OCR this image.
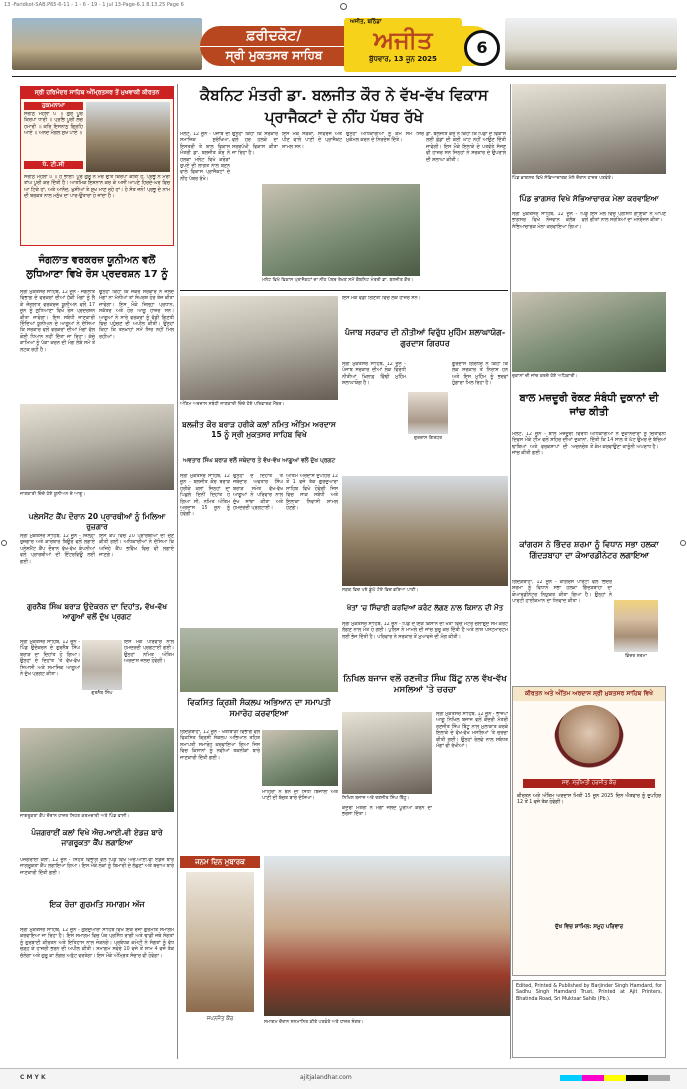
13 -Faridkot-SAB.P65-6-11 - 1 - 6 - 19 - 1 jul 13-Page-6.1 8.13.25 Page 6
ਫ਼ਰੀਦਕੋਟ/
ਸ੍ਰੀ ਮੁਕਤਸਰ ਸਾਹਿਬ
ਅਜੀਤ, ਬਠਿੰਡਾ
ਅਜੀਤ
ਬੁੱਧਵਾਰ, 13 ਜੂਨ 2025
6
ਸ੍ਰੀ ਹਰਿਮੰਦਰ ਸਾਹਿਬ ਅੰਮ੍ਰਿਤਸਰ ਤੋਂ ਮੁਖਵਾਕੀ ਕੀਰਤਨ
ਹੁਕਮਨਾਮਾ
ਸੋਰਠਿ ਮਹਲਾ ੫ ॥ ਗੁਰ ਪੂਰੈ ਕਿਰਪਾ ਧਾਰੀ ॥ ਪ੍ਰਭਿ ਪੂਰੀ ਲੋਚ ਹਮਾਰੀ ॥ ਕਰਿ ਇਸਨਾਨੁ ਗ੍ਰਿਹਿ ਆਏ ॥ ਅਨਦ ਮੰਗਲ ਸੁਖ ਪਾਏ ॥
ਧੰ. ਟੀ.ਸੀ
ਸੋਰਠਿ ਮਹਲਾ ੫ ॥ ਹੇ ਭਾਈ! ਪੂਰੇ ਗੁਰੂ ਨੇ ਮੇਰੇ ਉੱਤੇ ਕਿਰਪਾ ਕੀਤੀ ਹੈ, ਪ੍ਰਭੂ ਨੇ ਮੇਰੀ ਤਾਂਘ ਪੂਰੀ ਕਰ ਦਿੱਤੀ ਹੈ। ਆਤਮਿਕ ਇਸ਼ਨਾਨ ਕਰ ਕੇ ਅਸੀਂ ਆਪਣੇ ਹਿਰਦੇ-ਘਰ ਵਿਚ ਆ ਟਿਕੇ ਹਾਂ, ਅਤੇ ਆਨੰਦ, ਖ਼ੁਸ਼ੀਆਂ ਤੇ ਸੁਖ ਮਾਣ ਰਹੇ ਹਾਂ। ਹੇ ਸੰਤ ਜਨੋ! ਪ੍ਰਭੂ ਦੇ ਨਾਮ ਦੀ ਬਰਕਤ ਨਾਲ ਮਨੁੱਖ ਦਾ ਪਾਰ-ਉਤਾਰਾ ਹੋ ਜਾਂਦਾ ਹੈ।
ਜੰਗਲਾਤ ਵਰਕਰਜ਼ ਯੂਨੀਅਨ ਵਲੋਂ ਲੁਧਿਆਣਾ ਵਿਖੇ ਰੋਸ ਪ੍ਰਦਰਸ਼ਨ 17 ਨੂੰ
ਸ੍ਰੀ ਮੁਕਤਸਰ ਸਾਹਿਬ, 12 ਜੂਨ - ਜੰਗਲਾਤ ਵਿਭਾਗ ਦੇ ਵਰਕਰਾਂ ਦੀਆਂ ਹੱਕੀ ਮੰਗਾਂ ਨੂੰ ਲੈ ਕੇ ਜੰਗਲਾਤ ਵਰਕਰਜ਼ ਯੂਨੀਅਨ ਵਲੋਂ 17 ਜੂਨ ਨੂੰ ਲੁਧਿਆਣਾ ਵਿਖੇ ਰੋਸ ਪ੍ਰਦਰਸ਼ਨ ਕੀਤਾ ਜਾਵੇਗਾ। ਇਸ ਸਬੰਧੀ ਜਾਣਕਾਰੀ ਦਿੰਦਿਆਂ ਯੂਨੀਅਨ ਦੇ ਆਗੂਆਂ ਨੇ ਦੱਸਿਆ ਕਿ ਸਰਕਾਰ ਵਲੋਂ ਵਰਕਰਾਂ ਦੀਆਂ ਮੰਗਾਂ ਵੱਲ ਕੋਈ ਧਿਆਨ ਨਹੀਂ ਦਿੱਤਾ ਜਾ ਰਿਹਾ। ਕੱਚੇ ਕਾਮਿਆਂ ਨੂੰ ਪੱਕਾ ਕਰਨ ਦੀ ਮੰਗ ਲੰਬੇ ਸਮੇਂ ਤੋਂ ਲਟਕ ਰਹੀ ਹੈ।
ਉਨ੍ਹਾਂ ਕਿਹਾ ਕਿ ਜੇਕਰ ਸਰਕਾਰ ਨੇ ਜਲਦ ਮੰਗਾਂ ਨਾ ਮੰਨੀਆਂ ਤਾਂ ਸੰਘਰਸ਼ ਹੋਰ ਤੇਜ਼ ਕੀਤਾ ਜਾਵੇਗਾ। ਇਸ ਮੌਕੇ ਜ਼ਿਲ੍ਹਾ ਪ੍ਰਧਾਨ, ਸਕੱਤਰ ਅਤੇ ਹੋਰ ਆਗੂ ਹਾਜ਼ਰ ਸਨ। ਆਗੂਆਂ ਨੇ ਸਾਰੇ ਵਰਕਰਾਂ ਨੂੰ ਵੱਡੀ ਗਿਣਤੀ ਵਿਚ ਪਹੁੰਚਣ ਦੀ ਅਪੀਲ ਕੀਤੀ। ਉਨ੍ਹਾਂ ਕਿਹਾ ਕਿ ਤਨਖ਼ਾਹਾਂ ਸਮੇਂ ਸਿਰ ਨਹੀਂ ਮਿਲ ਰਹੀਆਂ।
ਜਾਣਕਾਰੀ ਦਿੰਦੇ ਹੋਏ ਯੂਨੀਅਨ ਦੇ ਆਗੂ।
ਪਲੇਸਮੈਂਟ ਕੈਂਪ ਦੌਰਾਨ 20 ਪ੍ਰਾਰਥੀਆਂ ਨੂੰ ਮਿਲਿਆ ਰੁਜ਼ਗਾਰ
ਸ੍ਰੀ ਮੁਕਤਸਰ ਸਾਹਿਬ, 12 ਜੂਨ - ਜ਼ਿਲ੍ਹਾ ਰੁਜ਼ਗਾਰ ਅਤੇ ਕਾਰੋਬਾਰ ਬਿਊਰੋ ਵਲੋਂ ਲਗਾਏ ਪਲੇਸਮੈਂਟ ਕੈਂਪ ਦੌਰਾਨ ਵੱਖ-ਵੱਖ ਕੰਪਨੀਆਂ ਵਲੋਂ ਪ੍ਰਾਰਥੀਆਂ ਦੀ ਇੰਟਰਵਿਊ ਲਈ ਗਈ।
ਇਸ ਕੈਂਪ ਵਿਚ 20 ਪ੍ਰਾਰਥੀਆਂ ਦੀ ਚੋਣ ਕੀਤੀ ਗਈ। ਅਧਿਕਾਰੀਆਂ ਨੇ ਦੱਸਿਆ ਕਿ ਅਜਿਹੇ ਕੈਂਪ ਭਵਿੱਖ ਵਿਚ ਵੀ ਲਗਾਏ ਜਾਣਗੇ।
ਗੁਰਨੈਬ ਸਿੰਘ ਬਰਾੜ ਉਦੇਕਰਨ ਦਾ ਦਿਹਾਂਤ, ਵੱਖ-ਵੱਖ ਆਗੂਆਂ ਵਲੋਂ ਦੁੱਖ ਪ੍ਰਗਟ
ਸ੍ਰੀ ਮੁਕਤਸਰ ਸਾਹਿਬ, 12 ਜੂਨ - ਪਿੰਡ ਉਦੇਕਰਨ ਦੇ ਗੁਰਨੈਬ ਸਿੰਘ ਬਰਾੜ ਦਾ ਦਿਹਾਂਤ ਹੋ ਗਿਆ। ਉਨ੍ਹਾਂ ਦੇ ਦਿਹਾਂਤ 'ਤੇ ਵੱਖ-ਵੱਖ ਸਿਆਸੀ ਅਤੇ ਸਮਾਜਿਕ ਆਗੂਆਂ ਨੇ ਦੁੱਖ ਪ੍ਰਗਟ ਕੀਤਾ।
ਗੁਰਨੈਬ ਸਿੰਘ
ਇਸ ਮੌਕੇ ਪਰਿਵਾਰ ਨਾਲ ਹਮਦਰਦੀ ਪ੍ਰਗਟਾਈ ਗਈ। ਉਨ੍ਹਾਂ ਨਮਿਤ ਅੰਤਿਮ ਅਰਦਾਸ ਜਲਦ ਹੋਵੇਗੀ।
ਜਾਗਰੂਕਤਾ ਕੈਂਪ ਦੌਰਾਨ ਹਾਜ਼ਰ ਸਿਹਤ ਕਰਮਚਾਰੀ ਅਤੇ ਪਿੰਡ ਵਾਸੀ।
ਪੰਜਗਰਾਈਂ ਕਲਾਂ ਵਿਖੇ ਐਚ.ਆਈ.ਵੀ ਏਡਜ਼ ਬਾਰੇ ਜਾਗਰੂਕਤਾ ਕੈਂਪ ਲਗਾਇਆ
ਪੰਜਗਰਾਈਂ ਕਲਾਂ, 12 ਜੂਨ - ਸਿਹਤ ਵਿਭਾਗ ਵਲੋਂ ਪਿੰਡ ਵਿਖੇ ਐਚ.ਆਈ.ਵੀ ਏਡਜ਼ ਬਾਰੇ ਜਾਗਰੂਕਤਾ ਕੈਂਪ ਲਗਾਇਆ ਗਿਆ। ਇਸ ਮੌਕੇ ਲੋਕਾਂ ਨੂੰ ਬਿਮਾਰੀ ਦੇ ਲੱਛਣਾਂ ਅਤੇ ਬਚਾਅ ਬਾਰੇ ਜਾਣਕਾਰੀ ਦਿੱਤੀ ਗਈ।
ਇਕ ਰੋਜ਼ਾ ਗੁਰਮਤਿ ਸਮਾਗਮ ਅੱਜ
ਸ੍ਰੀ ਮੁਕਤਸਰ ਸਾਹਿਬ, 12 ਜੂਨ - ਗੁਰਦੁਆਰਾ ਸਾਹਿਬ ਵਿਖੇ ਇਕ ਰੋਜ਼ਾ ਗੁਰਮਤਿ ਸਮਾਗਮ ਕਰਵਾਇਆ ਜਾ ਰਿਹਾ ਹੈ। ਇਸ ਸਮਾਗਮ ਵਿਚ ਪੰਥ ਪ੍ਰਸਿੱਧ ਰਾਗੀ ਅਤੇ ਢਾਡੀ ਜਥੇ ਸੰਗਤਾਂ ਨੂੰ ਗੁਰਬਾਣੀ ਕੀਰਤਨ ਅਤੇ ਇਤਿਹਾਸ ਨਾਲ ਜੋੜਨਗੇ। ਪ੍ਰਬੰਧਕ ਕਮੇਟੀ ਨੇ ਸੰਗਤਾਂ ਨੂੰ ਵੱਧ ਚੜ੍ਹ ਕੇ ਹਾਜ਼ਰੀ ਭਰਨ ਦੀ ਅਪੀਲ ਕੀਤੀ। ਸਮਾਗਮ ਸਵੇਰੇ 10 ਵਜੇ ਤੋਂ ਸ਼ਾਮ 4 ਵਜੇ ਤੱਕ ਚੱਲੇਗਾ ਅਤੇ ਗੁਰੂ ਕਾ ਲੰਗਰ ਅਤੁੱਟ ਵਰਤੇਗਾ। ਇਸ ਮੌਕੇ ਅੰਮ੍ਰਿਤ ਸੰਚਾਰ ਵੀ ਹੋਵੇਗਾ।
ਕੈਬਨਿਟ ਮੰਤਰੀ ਡਾ. ਬਲਜੀਤ ਕੌਰ ਨੇ ਵੱਖ-ਵੱਖ ਵਿਕਾਸ ਪ੍ਰਾਜੈਕਟਾਂ ਦੇ ਨੀਂਹ ਪੱਥਰ ਰੱਖੇ
ਮਲੋਟ, 12 ਜੂਨ - ਪੰਜਾਬ ਦੀ ਸਮਾਜਿਕ ਸੁਰੱਖਿਆ, ਇਸਤਰੀ ਤੇ ਬਾਲ ਵਿਕਾਸ ਮੰਤਰੀ ਡਾ. ਬਲਜੀਤ ਕੌਰ ਨੇ ਹਲਕਾ ਮਲੋਟ ਵਿਖੇ ਕਰੋੜਾਂ ਰੁਪਏ ਦੀ ਲਾਗਤ ਨਾਲ ਬਣਨ ਵਾਲੇ ਵਿਕਾਸ ਪ੍ਰਾਜੈਕਟਾਂ ਦੇ ਨੀਂਹ ਪੱਥਰ ਰੱਖੇ।
ਉਨ੍ਹਾਂ ਕਿਹਾ ਕਿ ਸਰਕਾਰ ਵਲੋਂ ਹਰ ਹਲਕੇ ਦਾ ਸਰਬਪੱਖੀ ਵਿਕਾਸ ਕੀਤਾ ਜਾ ਰਿਹਾ ਹੈ।
ਮਲੋਟ ਵਿਖੇ ਵਿਕਾਸ ਪ੍ਰਾਜੈਕਟਾਂ ਦਾ ਨੀਂਹ ਪੱਥਰ ਰੱਖਣ ਸਮੇਂ ਕੈਬਨਿਟ ਮੰਤਰੀ ਡਾ. ਬਲਜੀਤ ਕੌਰ।
ਇਸ ਮੌਕੇ ਸੜਕਾਂ, ਸੀਵਰੇਜ ਅਤੇ ਪੀਣ ਵਾਲੇ ਪਾਣੀ ਦੇ ਪ੍ਰਾਜੈਕਟ ਸ਼ਾਮਲ ਸਨ।
ਉਨ੍ਹਾਂ ਅਧਿਕਾਰੀਆਂ ਨੂੰ ਕੰਮ ਸਮੇਂ ਸਿਰ ਮੁਕੰਮਲ ਕਰਨ ਦੇ ਨਿਰਦੇਸ਼ ਦਿੱਤੇ।
ਡਾ. ਬਲਜੀਤ ਕੌਰ ਨੇ ਕਿਹਾ ਕਿ ਪਿੰਡਾਂ ਦੇ ਵਿਕਾਸ ਲਈ ਫ਼ੰਡਾਂ ਦੀ ਕੋਈ ਘਾਟ ਨਹੀਂ ਆਉਣ ਦਿੱਤੀ ਜਾਵੇਗੀ। ਇਸ ਮੌਕੇ ਇਲਾਕੇ ਦੇ ਪਤਵੰਤੇ ਸੱਜਣ ਵੀ ਹਾਜ਼ਰ ਸਨ ਜਿਨ੍ਹਾਂ ਨੇ ਸਰਕਾਰ ਦੇ ਉਪਰਾਲੇ ਦੀ ਸ਼ਲਾਘਾ ਕੀਤੀ।
ਅੰਤਿਮ ਅਰਦਾਸ ਸਬੰਧੀ ਜਾਣਕਾਰੀ ਦਿੰਦੇ ਹੋਏ ਪਰਿਵਾਰਕ ਮੈਂਬਰ।
ਬਲਜੀਤ ਕੌਰ ਬਰਾੜ ਹਰੀਕੇ ਕਲਾਂ ਨਮਿਤ ਅੰਤਿਮ ਅਰਦਾਸ 15 ਨੂੰ ਸ੍ਰੀ ਮੁਕਤਸਰ ਸਾਹਿਬ ਵਿਖੇ
ਅਵਤਾਰ ਸਿੰਘ ਬਰਾੜ ਵਲੋਂ ਜਥੇਦਾਰ ਤੇ ਵੱਖ-ਵੱਖ ਆਗੂਆਂ ਵਲੋਂ ਦੁੱਖ ਪ੍ਰਗਟ
ਸ੍ਰੀ ਮੁਕਤਸਰ ਸਾਹਿਬ, 12 ਜੂਨ - ਬਲਜੀਤ ਕੌਰ ਬਰਾੜ ਹਰੀਕੇ ਕਲਾਂ ਜਿਨ੍ਹਾਂ ਦਾ ਪਿਛਲੇ ਦਿਨੀਂ ਦਿਹਾਂਤ ਹੋ ਗਿਆ ਸੀ, ਨਮਿਤ ਅੰਤਿਮ ਅਰਦਾਸ 15 ਜੂਨ ਨੂੰ ਹੋਵੇਗੀ।
ਉਨ੍ਹਾਂ ਦੇ ਦਿਹਾਂਤ 'ਤੇ ਜਥੇਦਾਰ ਅਵਤਾਰ ਸਿੰਘ ਬਰਾੜ ਸਮੇਤ ਵੱਖ-ਵੱਖ ਆਗੂਆਂ ਨੇ ਪਰਿਵਾਰ ਨਾਲ ਦੁੱਖ ਸਾਂਝਾ ਕੀਤਾ ਅਤੇ ਹਮਦਰਦੀ ਪ੍ਰਗਟਾਈ।
ਅੰਤਿਮ ਅਰਦਾਸ ਦੁਪਹਿਰ 12 ਤੋਂ 1 ਵਜੇ ਤੱਕ ਗੁਰਦੁਆਰਾ ਸਾਹਿਬ ਵਿਖੇ ਹੋਵੇਗੀ ਜਿਸ ਵਿਚ ਸਾਕ ਸਬੰਧੀ ਅਤੇ ਇਲਾਕਾ ਨਿਵਾਸੀ ਸ਼ਾਮਲ ਹੋਣਗੇ।
ਵਿਕਸਿਤ ਕ੍ਰਿਸ਼ੀ ਸੰਕਲਪ ਅਭਿਆਨ ਦਾ ਸਮਾਪਤੀ ਸਮਾਰੋਹ ਕਰਵਾਇਆ
ਗਿੱਦੜਬਾਹਾ, 12 ਜੂਨ - ਖੇਤੀਬਾੜੀ ਵਿਭਾਗ ਵਲੋਂ ਵਿਕਸਿਤ ਕ੍ਰਿਸ਼ੀ ਸੰਕਲਪ ਅਭਿਆਨ ਤਹਿਤ ਸਮਾਪਤੀ ਸਮਾਰੋਹ ਕਰਵਾਇਆ ਗਿਆ ਜਿਸ ਵਿਚ ਕਿਸਾਨਾਂ ਨੂੰ ਨਵੀਆਂ ਤਕਨੀਕਾਂ ਬਾਰੇ ਜਾਣਕਾਰੀ ਦਿੱਤੀ ਗਈ।
ਮਾਹਿਰਾਂ ਨੇ ਝੋਨੇ ਦੀ ਸਿੱਧੀ ਬਿਜਾਈ ਅਤੇ ਪਾਣੀ ਦੀ ਬੱਚਤ ਬਾਰੇ ਦੱਸਿਆ।
ਜਨਮ ਦਿਨ ਮੁਬਾਰਕ
ਜਪਨਜੋਤ ਕੌਰ
ਸਮਾਗਮ ਦੌਰਾਨ ਸਨਮਾਨਿਤ ਕੀਤੇ ਪਤਵੰਤੇ ਅਤੇ ਹਾਜ਼ਰ ਸੰਗਤ।
ਇਸ ਮੌਕੇ ਵੱਡੀ ਗਿਣਤੀ ਵਿਚ ਲੋਕ ਹਾਜ਼ਰ ਸਨ।
ਪੰਜਾਬ ਸਰਕਾਰ ਦੀ ਨੀਤੀਆਂ ਵਿਰੁੱਧ ਮੁਹਿੰਮ ਸ਼ਲਾਘਾਯੋਗ-ਗੁਰਦਾਸ ਗਿਰਧਰ
ਸ੍ਰੀ ਮੁਕਤਸਰ ਸਾਹਿਬ, 12 ਜੂਨ - ਪੰਜਾਬ ਸਰਕਾਰ ਦੀਆਂ ਲੋਕ ਵਿਰੋਧੀ ਨੀਤੀਆਂ ਖ਼ਿਲਾਫ਼ ਵਿੱਢੀ ਮੁਹਿੰਮ ਸ਼ਲਾਘਾਯੋਗ ਹੈ।
ਗੁਰਦਾਸ ਗਿਰਧਰ
ਗੁਰਦਾਸ ਗਿਰਧਰ ਨੇ ਕਿਹਾ ਕਿ ਲੋਕ ਸਰਕਾਰ ਤੋਂ ਨਿਰਾਸ਼ ਹਨ ਅਤੇ ਇਸ ਮੁਹਿੰਮ ਨੂੰ ਭਰਵਾਂ ਹੁੰਗਾਰਾ ਮਿਲ ਰਿਹਾ ਹੈ।
ਸੜਕ ਵਿਚ ਪਏ ਡੂੰਘੇ ਟੋਏ ਵਿਚ ਭਰਿਆ ਪਾਣੀ।
ਖੇਤਾਂ 'ਚ ਸਿੰਚਾਈ ਕਰਦਿਆਂ ਕਰੰਟ ਲੱਗਣ ਨਾਲ ਕਿਸਾਨ ਦੀ ਮੌਤ
ਸ੍ਰੀ ਮੁਕਤਸਰ ਸਾਹਿਬ, 12 ਜੂਨ - ਪਿੰਡ ਦੇ ਇਕ ਕਿਸਾਨ ਦੀ ਖੇਤਾਂ ਵਿਚ ਮੋਟਰ ਚਲਾਉਂਦੇ ਸਮੇਂ ਕਰੰਟ ਲੱਗਣ ਨਾਲ ਮੌਤ ਹੋ ਗਈ। ਪੁਲਿਸ ਨੇ ਮਾਮਲੇ ਦੀ ਜਾਂਚ ਸ਼ੁਰੂ ਕਰ ਦਿੱਤੀ ਹੈ ਅਤੇ ਲਾਸ਼ ਪੋਸਟਮਾਰਟਮ ਲਈ ਭੇਜ ਦਿੱਤੀ ਹੈ। ਪਰਿਵਾਰ ਨੇ ਸਰਕਾਰ ਤੋਂ ਮੁਆਵਜ਼ੇ ਦੀ ਮੰਗ ਕੀਤੀ।
ਨਿਖਿਲ ਬਜਾਜ ਵਲੋਂ ਰਣਜੀਤ ਸਿੰਘ ਬਿੱਟੂ ਨਾਲ ਵੱਖ-ਵੱਖ ਮਸਲਿਆਂ 'ਤੇ ਚਰਚਾ
ਨਿਖਿਲ ਬਜਾਜ ਅਤੇ ਰਣਜੀਤ ਸਿੰਘ ਬਿੱਟੂ।
ਸ੍ਰੀ ਮੁਕਤਸਰ ਸਾਹਿਬ, 12 ਜੂਨ - ਭਾਜਪਾ ਆਗੂ ਨਿਖਿਲ ਬਜਾਜ ਵਲੋਂ ਕੇਂਦਰੀ ਮੰਤਰੀ ਰਣਜੀਤ ਸਿੰਘ ਬਿੱਟੂ ਨਾਲ ਮੁਲਾਕਾਤ ਕਰਕੇ ਇਲਾਕੇ ਦੇ ਵੱਖ-ਵੱਖ ਮਸਲਿਆਂ 'ਤੇ ਚਰਚਾ ਕੀਤੀ ਗਈ। ਉਨ੍ਹਾਂ ਰੇਲਵੇ ਨਾਲ ਸਬੰਧਤ ਮੰਗਾਂ ਵੀ ਰੱਖੀਆਂ।
ਕੇਂਦਰੀ ਮੰਤਰੀ ਨੇ ਮੰਗਾਂ ਜਲਦ ਪੂਰੀਆਂ ਕਰਨ ਦਾ ਭਰੋਸਾ ਦਿੱਤਾ।
ਪਿੰਡ ਭਾਗਸਰ ਵਿਖੇ ਸੱਭਿਆਚਾਰਕ ਮੇਲੇ ਦੌਰਾਨ ਹਾਜ਼ਰ ਪਤਵੰਤੇ।
ਪਿੰਡ ਭਾਗਸਰ ਵਿਖੇ ਸੱਭਿਆਚਾਰਕ ਮੇਲਾ ਕਰਵਾਇਆ
ਸ੍ਰੀ ਮੁਕਤਸਰ ਸਾਹਿਬ, 12 ਜੂਨ - ਪਿੰਡ ਭਾਗਸਰ ਵਿਖੇ ਨੌਜਵਾਨ ਕਲੱਬ ਵਲੋਂ ਸੱਭਿਆਚਾਰਕ ਮੇਲਾ ਕਰਵਾਇਆ ਗਿਆ।
ਇਸ ਮੇਲੇ ਵਿਚ ਪ੍ਰਸਿੱਧ ਗਾਇਕਾਂ ਨੇ ਆਪਣੇ ਗੀਤਾਂ ਨਾਲ ਸਰੋਤਿਆਂ ਦਾ ਮਨੋਰੰਜਨ ਕੀਤਾ।
ਦੁਕਾਨਾਂ ਦੀ ਜਾਂਚ ਕਰਦੇ ਹੋਏ ਅਧਿਕਾਰੀ।
ਬਾਲ ਮਜ਼ਦੂਰੀ ਰੋਕਣ ਸੰਬੰਧੀ ਦੁਕਾਨਾਂ ਦੀ ਜਾਂਚ ਕੀਤੀ
ਮਲੋਟ, 12 ਜੂਨ - ਬਾਲ ਮਜ਼ਦੂਰੀ ਵਿਰੋਧੀ ਦਿਵਸ ਮੌਕੇ ਟੀਮ ਵਲੋਂ ਸ਼ਹਿਰ ਦੀਆਂ ਦੁਕਾਨਾਂ, ਢਾਬਿਆਂ ਅਤੇ ਵਰਕਸ਼ਾਪਾਂ ਦੀ ਅਚਨਚੇਤ ਜਾਂਚ ਕੀਤੀ ਗਈ।
ਅਧਿਕਾਰੀਆਂ ਨੇ ਦੁਕਾਨਦਾਰਾਂ ਨੂੰ ਚਿਤਾਵਨੀ ਦਿੱਤੀ ਕਿ 14 ਸਾਲ ਤੋਂ ਘੱਟ ਉਮਰ ਦੇ ਬੱਚਿਆਂ ਤੋਂ ਕੰਮ ਕਰਵਾਉਣਾ ਕਾਨੂੰਨੀ ਅਪਰਾਧ ਹੈ।
ਕਾਂਗਰਸ ਨੇ ਭਿੰਦਰ ਸ਼ਰਮਾ ਨੂੰ ਵਿਧਾਨ ਸਭਾ ਹਲਕਾ ਗਿੱਦੜਬਾਹਾ ਦਾ ਕੋਆਰਡੀਨੇਟਰ ਲਗਾਇਆ
ਗਿੱਦੜਬਾਹਾ, 12 ਜੂਨ - ਕਾਂਗਰਸ ਪਾਰਟੀ ਵਲੋਂ ਭਿੰਦਰ ਸ਼ਰਮਾ ਨੂੰ ਵਿਧਾਨ ਸਭਾ ਹਲਕਾ ਗਿੱਦੜਬਾਹਾ ਦਾ ਕੋਆਰਡੀਨੇਟਰ ਨਿਯੁਕਤ ਕੀਤਾ ਗਿਆ ਹੈ। ਉਨ੍ਹਾਂ ਨੇ ਪਾਰਟੀ ਹਾਈਕਮਾਨ ਦਾ ਧੰਨਵਾਦ ਕੀਤਾ।
ਭਿੰਦਰ ਸ਼ਰਮਾ
ਕੀਰਤਨ ਅਤੇ ਅੰਤਿਮ ਅਰਦਾਸ ਸ੍ਰੀ ਮੁਕਤਸਰ ਸਾਹਿਬ ਵਿਖੇ
ਸਵ. ਸ੍ਰੀਮਤੀ ਹਰਜੀਤ ਕੌਰ
ਕੀਰਤਨ ਅਤੇ ਅੰਤਿਮ ਅਰਦਾਸ ਮਿਤੀ 15 ਜੂਨ 2025 ਦਿਨ ਐਤਵਾਰ ਨੂੰ ਦੁਪਹਿਰ 12 ਤੋਂ 1 ਵਜੇ ਤੱਕ ਹੋਵੇਗੀ।
ਦੁੱਖ ਵਿਚ ਸ਼ਾਮਿਲ: ਸਮੂਹ ਪਰਿਵਾਰ
Edited, Printed & Published by Barjinder Singh Hamdard, for Sadhu Singh Hamdard Trust, Printed at Ajit Printers, Bhatinda Road, Sri Muktsar Sahib (Pb.).
C M Y K	ajitjalandhar.com
